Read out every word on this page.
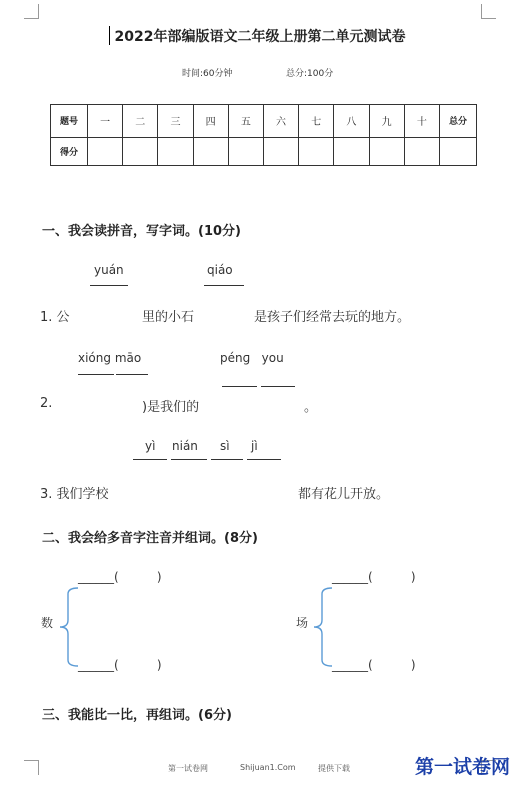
2022年部编版语文二年级上册第二单元测试卷
时间:60分钟	总分:100分
题号	一	二	三	四	五	六	七	八	九	十	总分
得分											
一、我会读拼音，写字词。(10分)
yuán	qiáo
1. 公	里的小石	是孩子们经常去玩的地方。
xióng māo	pénɡ   you
2.	)是我们的	。
yì nián sì jì
3. 我们学校	都有花儿开放。
二、我会给多音字注音并组词。(8分)
______(          )
______(          )
______(          )
______(          )
数	场
三、我能比一比，再组词。(6分)
第一试卷网	Shijuan1.Com	提供下载	第一试卷网
